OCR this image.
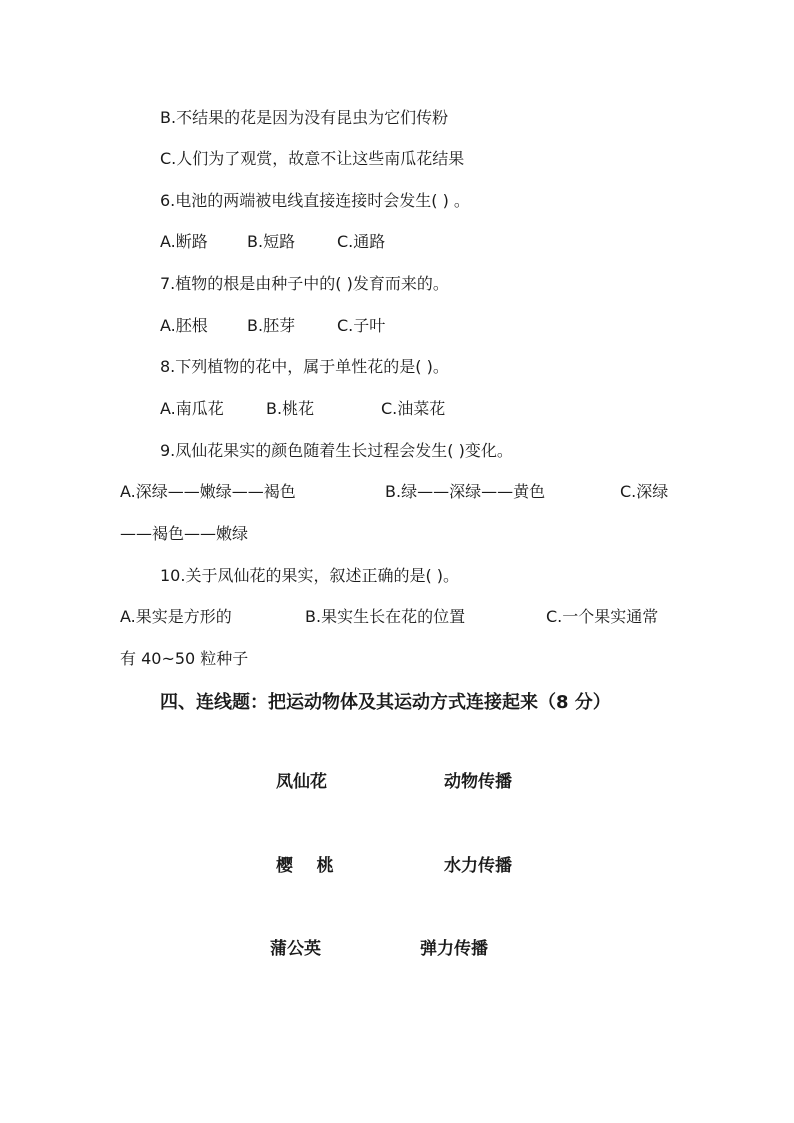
B.不结果的花是因为没有昆虫为它们传粉
C.人们为了观赏，故意不让这些南瓜花结果
6.电池的两端被电线直接连接时会发生( ) 。
A.断路 B.短路	C.通路
7.植物的根是由种子中的( )发育而来的。
A.胚根 B.胚芽	C.子叶
8.下列植物的花中，属于单性花的是( )。
A.南瓜花	B.桃花	C.油菜花
9.凤仙花果实的颜色随着生长过程会发生( )变化。
A.深绿——嫩绿——褐色	B.绿——深绿——黄色	C.深绿
——褐色——嫩绿
10.关于凤仙花的果实，叙述正确的是( )。
A.果实是方形的	B.果实生长在花的位置	C.一个果实通常
有 40~50 粒种子
四、连线题：把运动物体及其运动方式连接起来（8 分）
凤仙花	动物传播
樱    桃	水力传播
蒲公英	弹力传播
